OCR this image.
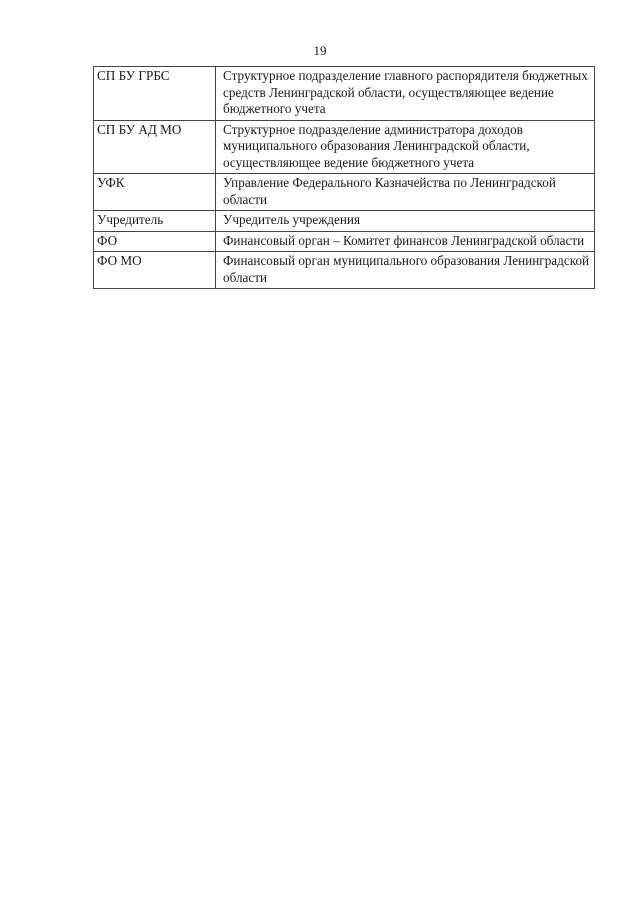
19
СП БУ ГРБС	Структурное подразделение главного распорядителя бюджетных средств Ленинградской области, осуществляющее ведение бюджетного учета
СП БУ АД МО	Структурное подразделение администратора доходов муниципального образования Ленинградской области, осуществляющее ведение бюджетного учета
УФК	Управление Федерального Казначейства по Ленинградской области
Учредитель	Учредитель учреждения
ФО	Финансовый орган – Комитет финансов Ленинградской области
ФО МО	Финансовый орган муниципального образования Ленинградской области
